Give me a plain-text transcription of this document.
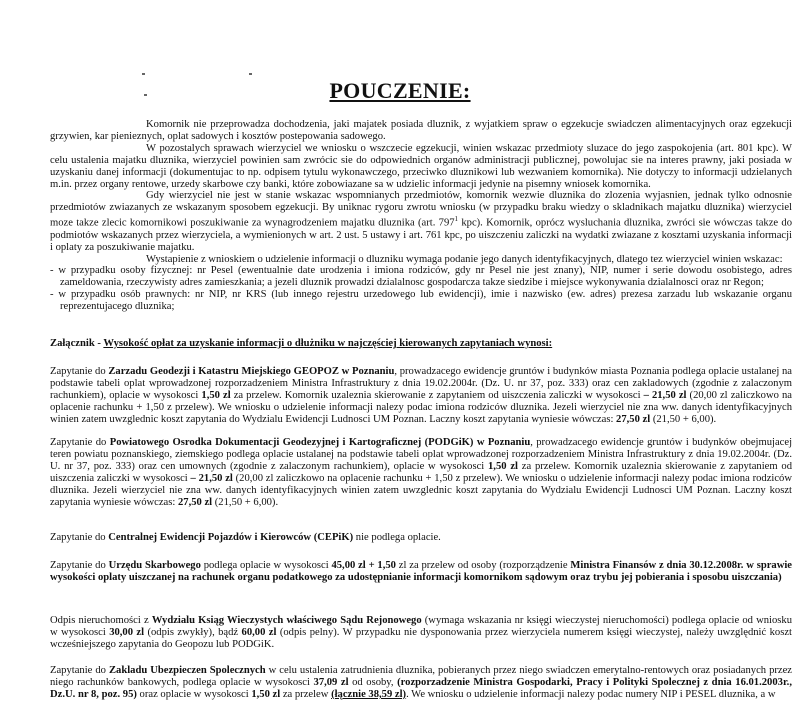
POUCZENIE:

Komornik nie przeprowadza dochodzenia, jaki majatek posiada dluznik, z wyjatkiem spraw o egzekucje swiadczen alimentacyjnych oraz egzekucji grzywien, kar pienieznych, oplat sadowych i kosztów postepowania sadowego.

W pozostalych sprawach wierzyciel we wniosku o wszczecie egzekucji, winien wskazac przedmioty sluzace do jego zaspokojenia (art. 801 kpc). W celu ustalenia majatku dluznika, wierzyciel powinien sam zwrócic sie do odpowiednich organów administracji publicznej, powolujac sie na interes prawny, jaki posiada w uzyskaniu danej informacji (dokumentujac to np. odpisem tytulu wykonawczego, przeciwko dluznikowi lub wezwaniem komornika). Nie dotyczy to informacji udzielanych m.in. przez organy rentowe, urzedy skarbowe czy banki, które zobowiazane sa w udzielic informacji jedynie na pisemny wniosek komornika.

Gdy wierzyciel nie jest w stanie wskazac wspomnianych przedmiotów, komornik wezwie dluznika do zlozenia wyjasnien, jednak tylko odnosnie przedmiotów zwiazanych ze wskazanym sposobem egzekucji. By uniknac rygoru zwrotu wniosku (w przypadku braku wiedzy o skladnikach majatku dluznika) wierzyciel moze takze zlecic komornikowi poszukiwanie za wynagrodzeniem majatku dluznika (art. $797^1$ kpc). Komornik, oprócz wysluchania dluznika, zwróci sie wówczas takze do podmiotów wskazanych przez wierzyciela, a wymienionych w art. 2 ust. 5 ustawy i art. 761 kpc, po uiszczeniu zaliczki na wydatki zwiazane z kosztami uzyskania informacji i oplaty za poszukiwanie majatku.

Wystapienie z wnioskiem o udzielenie informacji o dluzniku wymaga podanie jego danych identyfikacyjnych, dlatego tez wierzyciel winien wskazac:

- w przypadku osoby fizycznej: nr Pesel (ewentualnie date urodzenia i imiona rodziców, gdy nr Pesel nie jest znany), NIP, numer i serie dowodu osobistego, adres zameldowania, rzeczywisty adres zamieszkania; a jezeli dluznik prowadzi dzialalnosc gospodarcza takze siedzibe i miejsce wykonywania dzialalnosci oraz nr Regon;

- w przypadku osób prawnych: nr NIP, nr KRS (lub innego rejestru urzedowego lub ewidencji), imie i nazwisko (ew. adres) prezesa zarzadu lub wskazanie organu reprezentujacego dluznika;

Załącznik - Wysokość opłat za uzyskanie informacji o dłużniku w najczęściej kierowanych zapytaniach wynosi:

Zapytanie do Zarzadu Geodezji i Katastru Miejskiego GEOPOZ w Poznaniu, prowadzacego ewidencje gruntów i budynków miasta Poznania podlega oplacie ustalanej na podstawie tabeli oplat wprowadzonej rozporzadzeniem Ministra Infrastruktury z dnia 19.02.2004r. (Dz. U. nr 37, poz. 333) oraz cen zakladowych (zgodnie z zalaczonym rachunkiem), oplacie w wysokosci 1,50 zl za przelew. Komornik uzaleznia skierowanie z zapytaniem od uiszczenia zaliczki w wysokosci – 21,50 zl (20,00 zl zaliczkowo na oplacenie rachunku + 1,50 z przelew). We wniosku o udzielenie informacji nalezy podac imiona rodziców dluznika. Jezeli wierzyciel nie zna ww. danych identyfikacyjnych winien zatem uwzglednic koszt zapytania do Wydzialu Ewidencji Ludnosci UM Poznan. Laczny koszt zapytania wyniesie wówczas: 27,50 zl (21,50 + 6,00).

Zapytanie do Powiatowego Osrodka Dokumentacji Geodezyjnej i Kartograficznej (PODGiK) w Poznaniu, prowadzacego ewidencje gruntów i budynków obejmujacej teren powiatu poznanskiego, ziemskiego podlega oplacie ustalanej na podstawie tabeli oplat wprowadzonej rozporzadzeniem Ministra Infrastruktury z dnia 19.02.2004r. (Dz. U. nr 37, poz. 333) oraz cen umownych (zgodnie z zalaczonym rachunkiem), oplacie w wysokosci 1,50 zl za przelew. Komornik uzaleznia skierowanie z zapytaniem od uiszczenia zaliczki w wysokosci – 21,50 zl (20,00 zl zaliczkowo na oplacenie rachunku + 1,50 z przelew). We wniosku o udzielenie informacji nalezy podac imiona rodziców dluznika. Jezeli wierzyciel nie zna ww. danych identyfikacyjnych winien zatem uwzglednic koszt zapytania do Wydzialu Ewidencji Ludnosci UM Poznan. Laczny koszt zapytania wyniesie wówczas: 27,50 zl (21,50 + 6,00).

Zapytanie do Centralnej Ewidencji Pojazdów i Kierowców (CEPiK) nie podlega oplacie.

Zapytanie do Urzędu Skarbowego podlega oplacie w wysokosci 45,00 zl + 1,50 zl za przelew od osoby (rozporządzenie Ministra Finansów z dnia 30.12.2008r. w sprawie wysokości oplaty uiszczanej na rachunek organu podatkowego za udostępnianie informacji komornikom sądowym oraz trybu jej pobierania i sposobu uiszczania)

Odpis nieruchomości z Wydzialu Ksiąg Wieczystych właściwego Sądu Rejonowego (wymaga wskazania nr księgi wieczystej nieruchomości) podlega oplacie od wniosku w wysokosci 30,00 zl (odpis zwykły), bądź 60,00 zl (odpis pelny). W przypadku nie dysponowania przez wierzyciela numerem księgi wieczystej, należy uwzględnić koszt wcześniejszego zapytania do Geopozu lub PODGiK.

Zapytanie do Zakladu Ubezpieczen Spolecznych w celu ustalenia zatrudnienia dluznika, pobieranych przez niego swiadczen emerytalno-rentowych oraz posiadanych przez niego rachunków bankowych, podlega oplacie w wysokosci 37,09 zl od osoby, (rozporzadzenie Ministra Gospodarki, Pracy i Polityki Spolecznej z dnia 16.01.2003r., Dz.U. nr 8, poz. 95) oraz oplacie w wysokosci 1,50 zl za przelew (łącznie 38,59 zl). We wniosku o udzielenie informacji nalezy podac numery NIP i PESEL dluznika, a w
